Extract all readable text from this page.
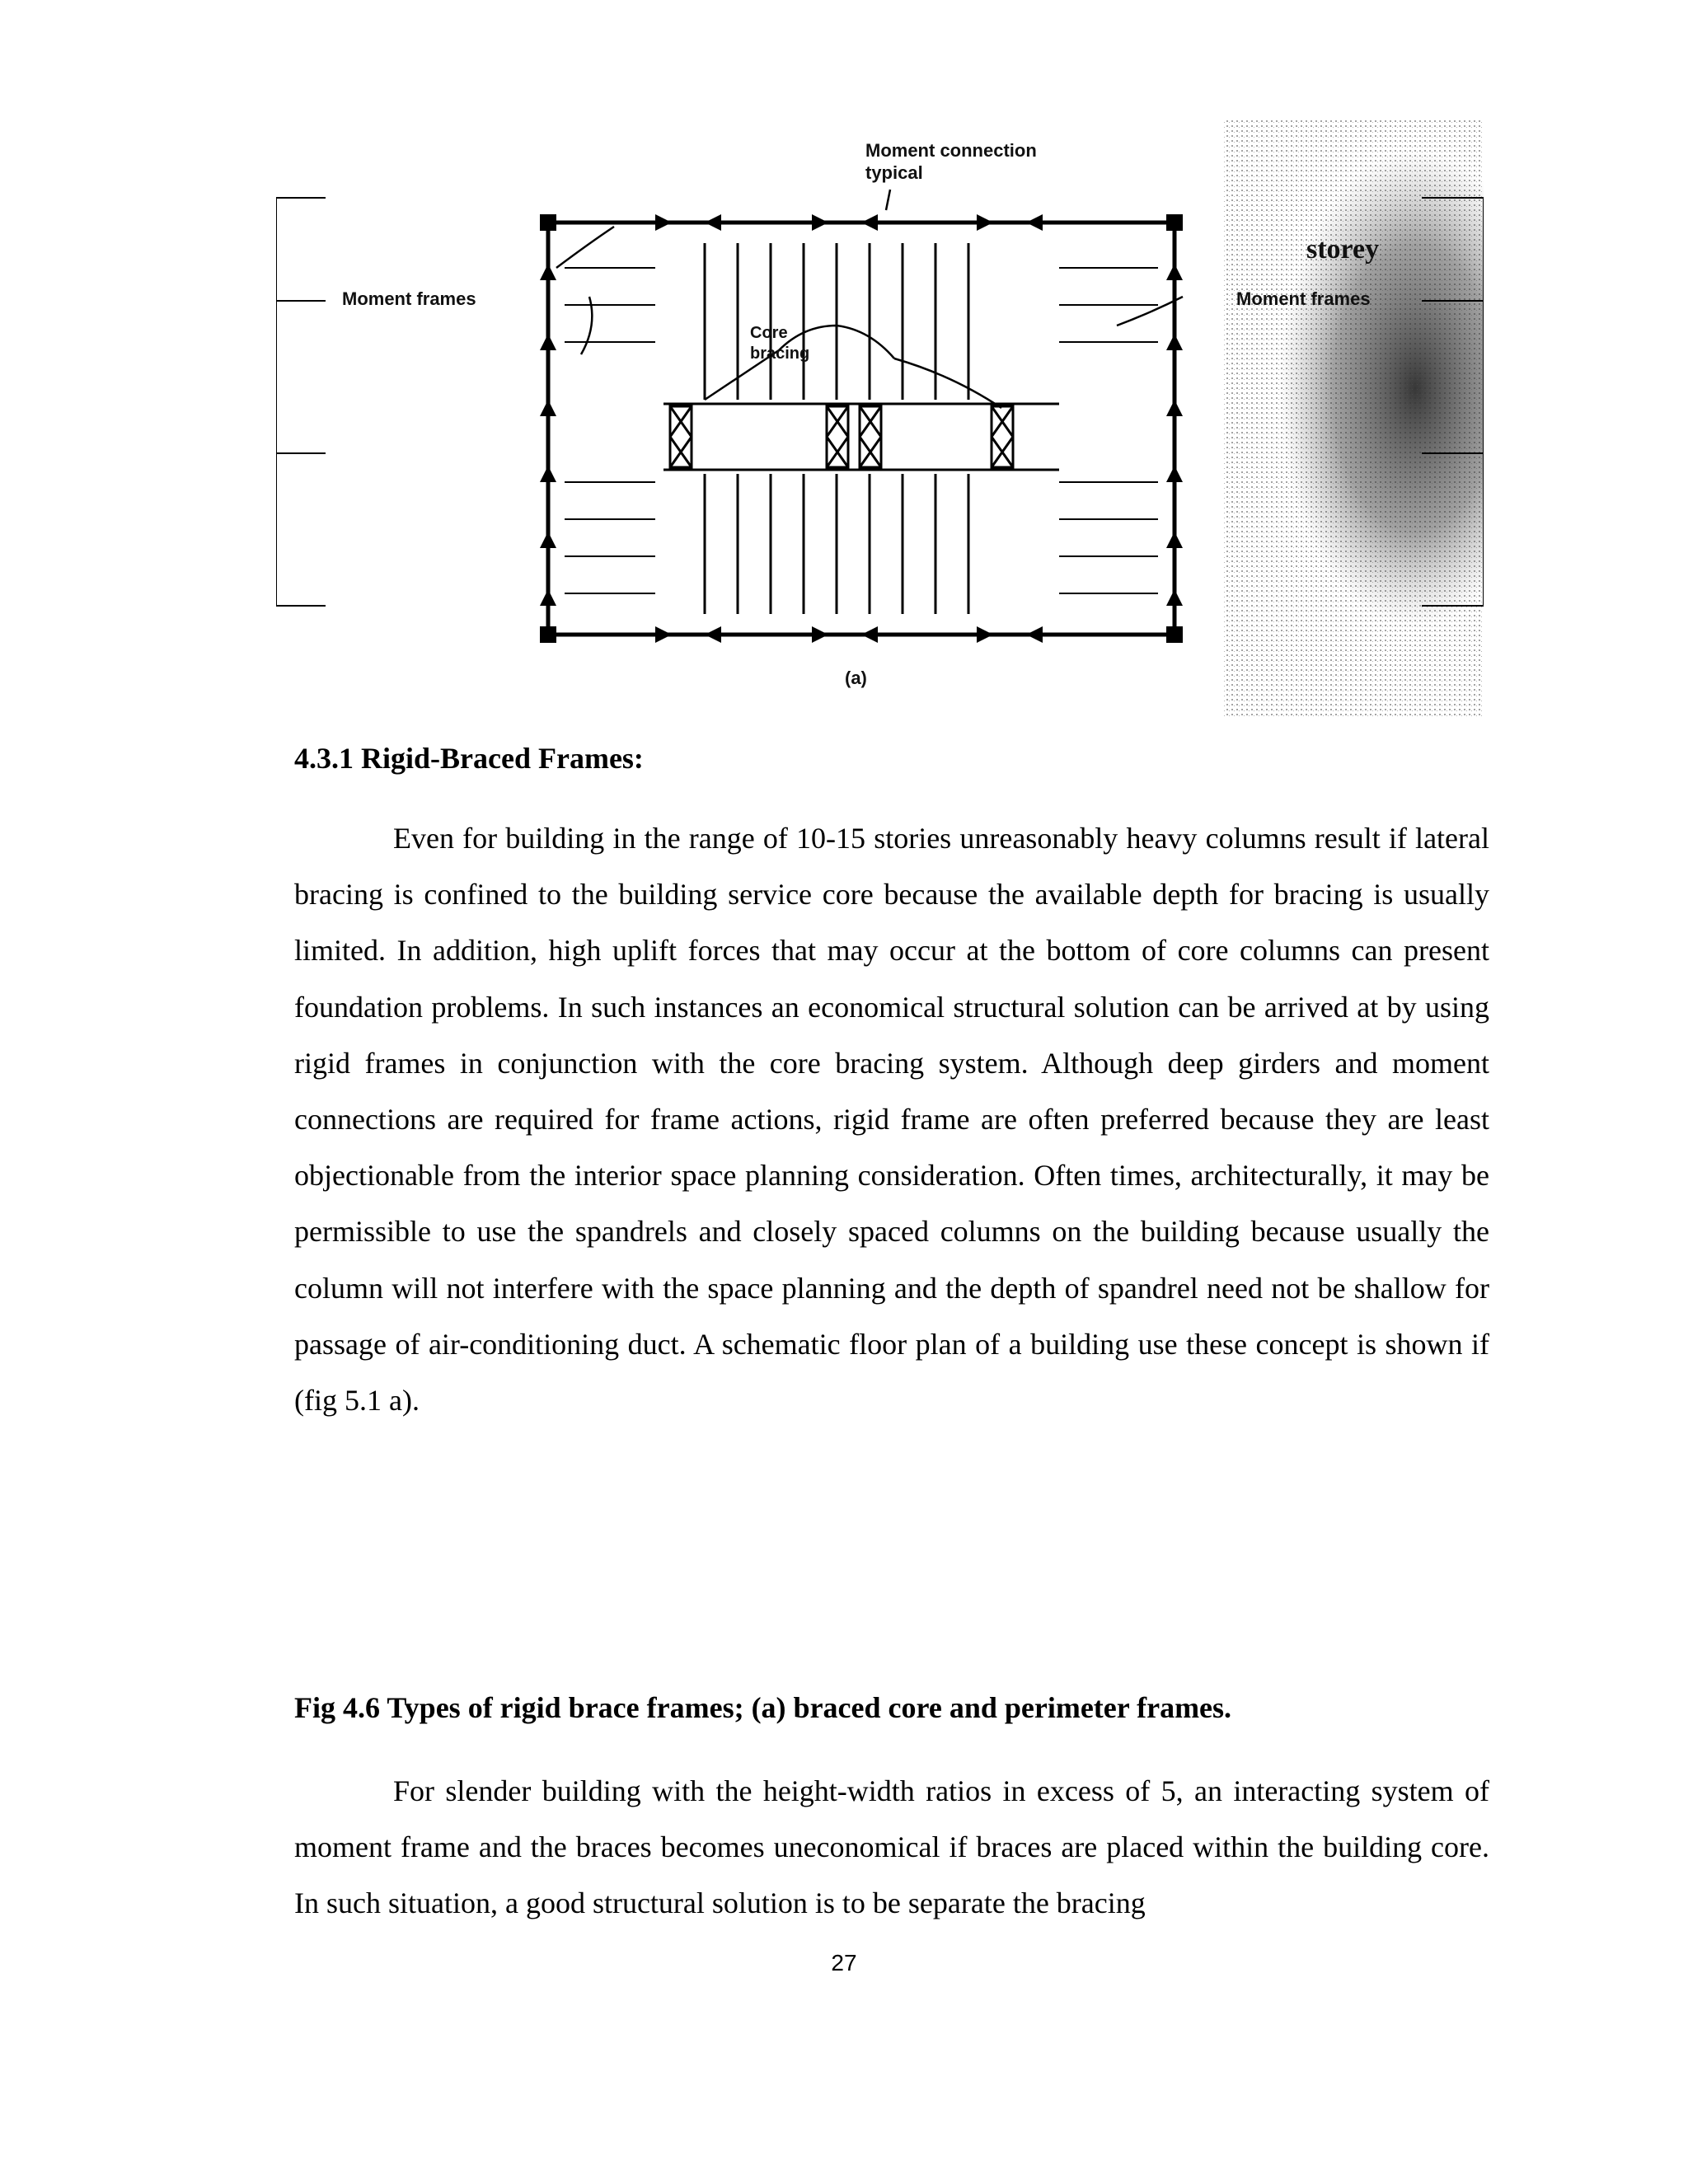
Moment connection
typical
Moment frames
Core
bracing
Moment frames
storey
(a)
4.3.1 Rigid-Braced Frames:

Even for building in the range of 10-15 stories unreasonably heavy columns result if lateral bracing is confined to the building service core because the available depth for bracing is usually limited. In addition, high uplift forces that may occur at the bottom of core columns can present foundation problems. In such instances an economical structural solution can be arrived at by using rigid frames in conjunction with the core bracing system. Although deep girders and moment connections are required for frame actions, rigid frame are often preferred because they are least objectionable from the interior space planning consideration. Often times, architecturally, it may be permissible to use the spandrels and closely spaced columns on the building because usually the column will not interfere with the space planning and the depth of spandrel need not be shallow for passage of air-conditioning duct. A schematic floor plan of a building use these concept is shown if (fig 5.1 a).

Fig 4.6 Types of rigid brace frames; (a) braced core and perimeter frames.

For slender building with the height-width ratios in excess of 5, an interacting system of moment frame and the braces becomes uneconomical if braces are placed within the building core. In such situation, a good structural solution is to be separate the bracing

27
